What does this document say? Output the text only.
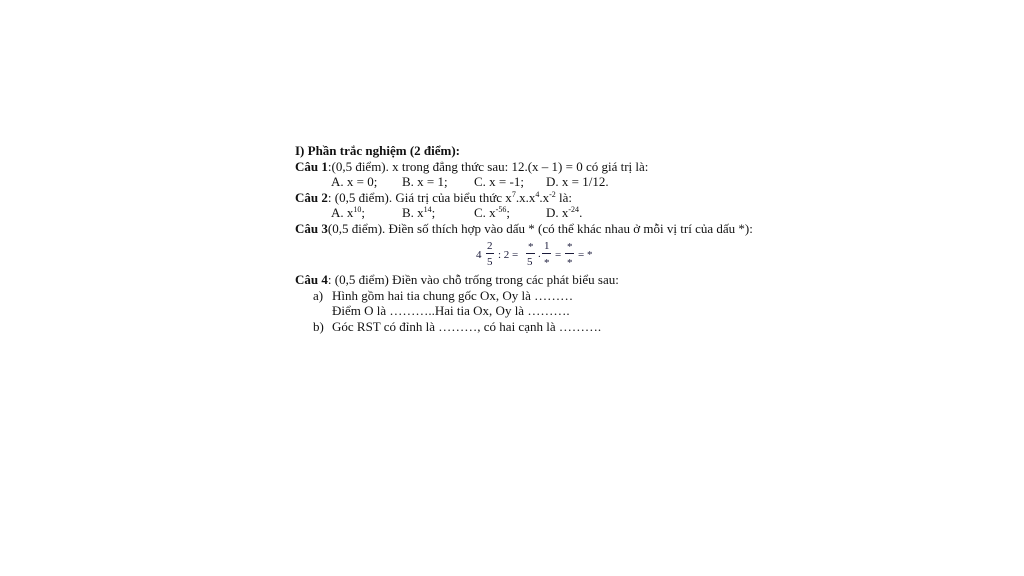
I) Phần trắc nghiệm (2 điểm):
Câu 1:(0,5 điểm). x trong đẳng thức sau: 12.(x – 1) = 0 có giá trị là:
A. x = 0;	B. x = 1;	C. x = -1;	D. x = 1/12.
Câu 2: (0,5 điểm). Giá trị của biểu thức $x^7.x.x^4.x^{-2}$ là:
A. $x^{10}$;	B. $x^{14}$;	C. $x^{-56}$;	D. $x^{-24}$.
Câu 3(0,5 điểm). Điền số thích hợp vào dấu * (có thể khác nhau ở mỗi vị trí của dấu *):
4
2
5
: 2 =
*
5
.
1
*
=
*
*
= *
Câu 4: (0,5 điểm) Điền vào chỗ trống trong các phát biểu sau:
a) Hình gồm hai tia chung gốc Ox, Oy là ………
Điểm O là ………..Hai tia Ox, Oy là ……….
b) Góc RST có đỉnh là ………, có hai cạnh là ……….
